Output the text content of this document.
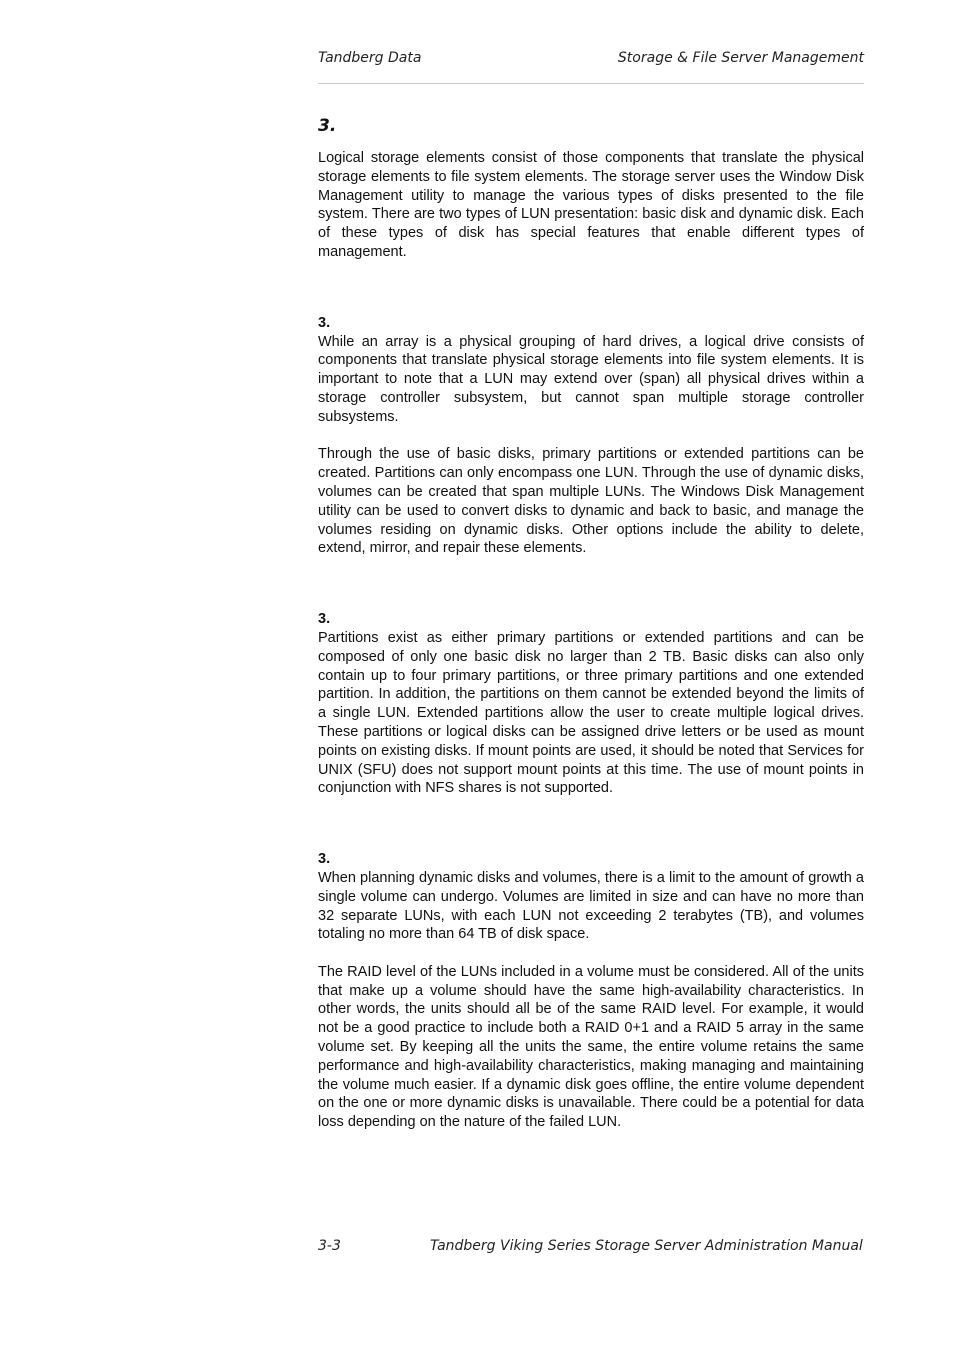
Tandberg Data	Storage & File Server Management
3.

Logical storage elements consist of those components that translate the physical storage elements to file system elements. The storage server uses the Window Disk Management utility to manage the various types of disks presented to the file system. There are two types of LUN presentation: basic disk and dynamic disk. Each of these types of disk has special features that enable different types of management.

3.

While an array is a physical grouping of hard drives, a logical drive consists of components that translate physical storage elements into file system elements. It is important to note that a LUN may extend over (span) all physical drives within a storage controller subsystem, but cannot span multiple storage controller subsystems.

Through the use of basic disks, primary partitions or extended partitions can be created. Partitions can only encompass one LUN. Through the use of dynamic disks, volumes can be created that span multiple LUNs. The Windows Disk Management utility can be used to convert disks to dynamic and back to basic, and manage the volumes residing on dynamic disks. Other options include the ability to delete, extend, mirror, and repair these elements.

3.

Partitions exist as either primary partitions or extended partitions and can be composed of only one basic disk no larger than 2 TB. Basic disks can also only contain up to four primary partitions, or three primary partitions and one extended partition. In addition, the partitions on them cannot be extended beyond the limits of a single LUN. Extended partitions allow the user to create multiple logical drives. These partitions or logical disks can be assigned drive letters or be used as mount points on existing disks. If mount points are used, it should be noted that Services for UNIX (SFU) does not support mount points at this time. The use of mount points in conjunction with NFS shares is not supported.

3.

When planning dynamic disks and volumes, there is a limit to the amount of growth a single volume can undergo. Volumes are limited in size and can have no more than 32 separate LUNs, with each LUN not exceeding 2 terabytes (TB), and volumes totaling no more than 64 TB of disk space.

The RAID level of the LUNs included in a volume must be considered. All of the units that make up a volume should have the same high-availability characteristics. In other words, the units should all be of the same RAID level. For example, it would not be a good practice to include both a RAID 0+1 and a RAID 5 array in the same volume set. By keeping all the units the same, the entire volume retains the same performance and high-availability characteristics, making managing and maintaining the volume much easier. If a dynamic disk goes offline, the entire volume dependent on the one or more dynamic disks is unavailable. There could be a potential for data loss depending on the nature of the failed LUN.

3-3	Tandberg Viking Series Storage Server Administration Manual
